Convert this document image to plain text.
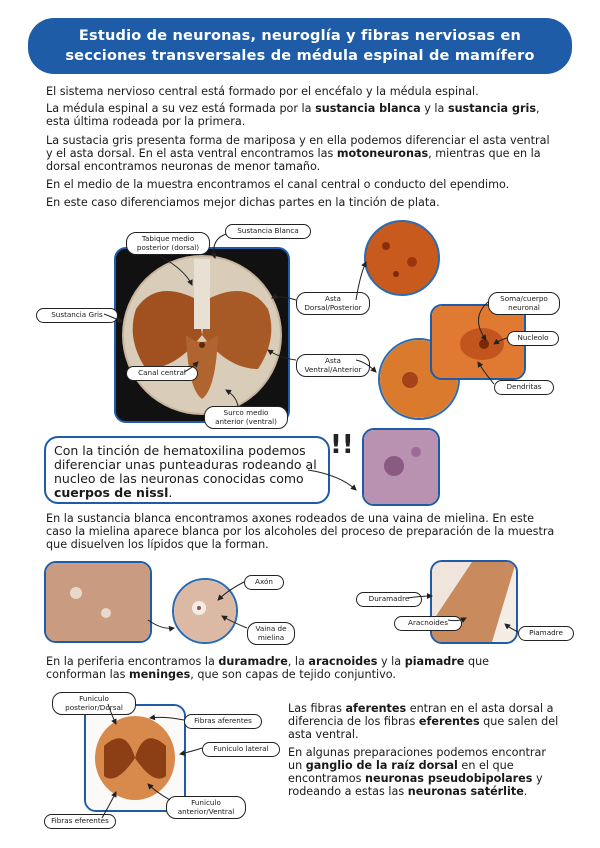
Estudio de neuronas, neuroglía y fibras nerviosas en
secciones transversales de médula espinal de mamífero
El sistema nervioso central está formado por el encéfalo y la médula espinal.
La médula espinal a su vez está formada por la sustancia blanca y la sustancia gris, esta última rodeada por la primera.
La sustacia gris presenta forma de mariposa y en ella podemos diferenciar el asta ventral y el asta dorsal. En el asta ventral encontramos las motoneuronas, mientras que en la dorsal encontramos neuronas de menor tamaño.
En el medio de la muestra encontramos el canal central o conducto del ependimo.
En este caso diferenciamos mejor dichas partes en la tinción de plata.
Tabique medio posterior (dorsal)
Sustancia Blanca
Sustancia Gris
Asta Dorsal/Posterior
Asta Ventral/Anterior
Canal central
Surco medio anterior (ventral)
Soma/cuerpo neuronal
Nucleolo
Dendritas
Con la tinción de hematoxilina podemos diferenciar unas punteaduras rodeando al nucleo de las neuronas conocidas como cuerpos de nissl.
!!
En la sustancia blanca encontramos axones rodeados de una vaina de mielina. En este caso la mielina aparece blanca por los alcoholes del proceso de preparación de la muestra que disuelven los lípidos que la forman.
Axón
Vaina de mielina
Duramadre
Aracnoides
Piamadre
En la periferia encontramos la duramadre, la aracnoides y la piamadre que conforman las meninges, que son capas de tejido conjuntivo.
Funiculo posterior/Dorsal
Fibras aferentes
Funiculo lateral
Funiculo anterior/Ventral
Fibras eferentes
Las fibras aferentes entran en el asta dorsal a diferencia de los fibras eferentes que salen del asta ventral.
En algunas preparaciones podemos encontrar un ganglio de la raíz dorsal en el que encontramos neuronas pseudobipolares y rodeando a estas las neuronas satérlite.
